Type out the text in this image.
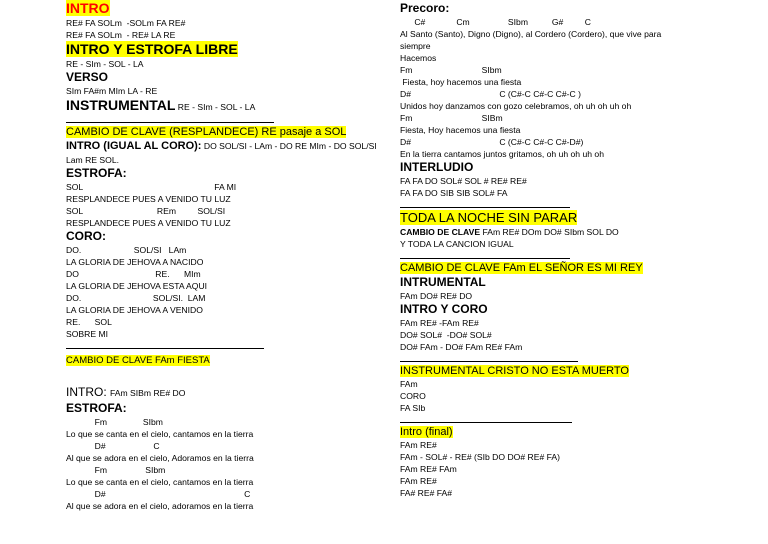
INTRO
RE# FA SOLm  -SOLm FA RE#
RE# FA SOLm  - RE# LA RE
INTRO Y ESTROFA LIBRE
RE - SIm - SOL - LA
VERSO
SIm FA#m MIm LA - RE
INSTRUMENTAL RE - SIm - SOL - LA
CAMBIO DE CLAVE (RESPLANDECE) RE pasaje a SOL
INTRO (IGUAL AL CORO): DO SOL/SI - LAm - DO RE MIm - DO SOL/SI Lam RE SOL.
ESTROFA:
SOL                                                       FA MI
RESPLANDECE PUES A VENIDO TU LUZ
SOL                               REm         SOL/SI
RESPLANDECE PUES A VENIDO TU LUZ
CORO:
DO.                      SOL/SI   LAm
LA GLORIA DE JEHOVA A NACIDO
DO                                RE.      MIm
LA GLORIA DE JEHOVA ESTA AQUI
DO.                              SOL/SI.  LAM
LA GLORIA DE JEHOVA A VENIDO
RE.      SOL
SOBRE MI
CAMBIO DE CLAVE FAm FIESTA
INTRO: FAm SIBm RE# DO
ESTROFA:
Fm               SIbm
Lo que se canta en el cielo, cantamos en la tierra
D#                    C
Al que se adora en el cielo, Adoramos en la tierra
Fm                SIbm
Lo que se canta en el cielo, cantamos en la tierra
D#                                                          C
Al que se adora en el cielo, adoramos en la tierra
Precoro:
C#             Cm                SIbm          G#         C
Al Santo (Santo), Digno (Digno), al Cordero (Cordero), que vive para siempre
Hacemos
Fm                             SIbm
Fiesta, hoy hacemos una fiesta
D#                                     C (C#-C C#-C C#-C )
Unidos hoy danzamos con gozo celebramos, oh uh oh uh oh
Fm                             SIBm
Fiesta, Hoy hacemos una fiesta
D#                                     C (C#-C C#-C C#-D#)
En la tierra cantamos juntos gritamos, oh uh oh uh oh
INTERLUDIO
FA FA DO SOL# SOL # RE# RE#
FA FA DO SIB SIB SOL# FA
TODA LA NOCHE SIN PARAR
CAMBIO DE CLAVE FAm RE# DOm DO# SIbm SOL DO
Y TODA LA CANCION IGUAL
CAMBIO DE CLAVE FAm EL SEÑOR ES MI REY
INTRUMENTAL
FAm DO# RE# DO
INTRO Y CORO
FAm RE# -FAm RE#
DO# SOL#  -DO# SOL#
DO# FAm - DO# FAm RE# FAm
INSTRUMENTAL CRISTO NO ESTA MUERTO
FAm
CORO
FA SIb
Intro (final)
FAm RE#
FAm - SOL# - RE# (SIb DO DO# RE# FA)
FAm RE# FAm
FAm RE#
FA# RE# FA#
